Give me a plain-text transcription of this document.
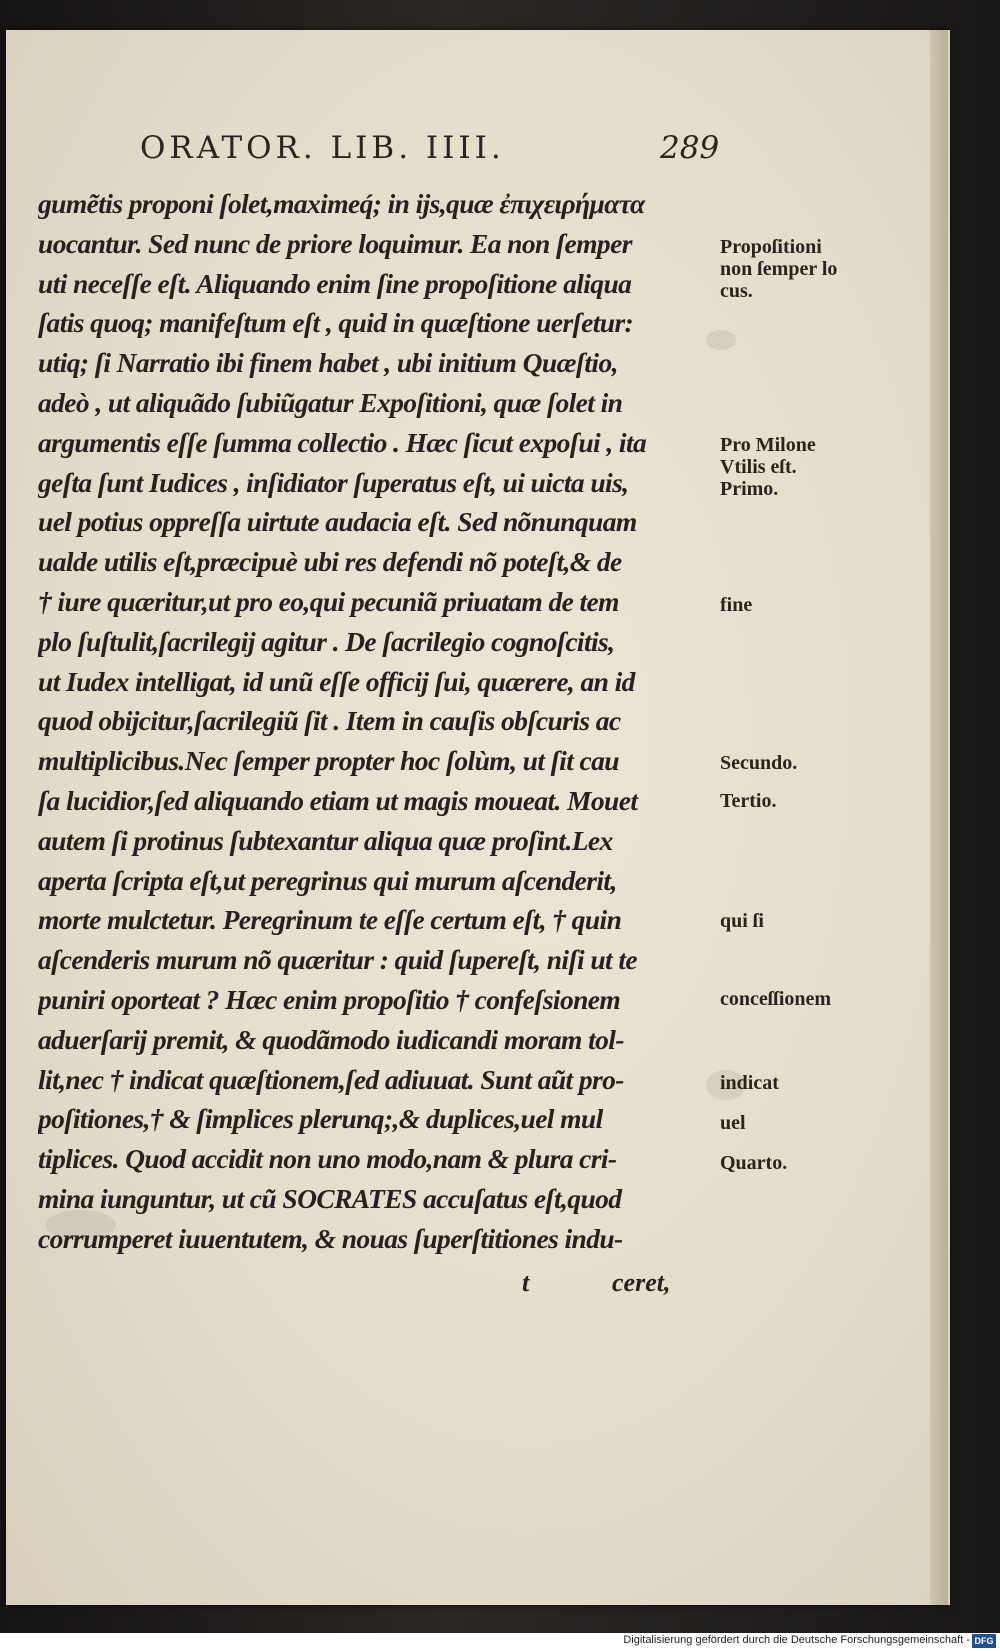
ORATOR. LIB. IIII.	289
gumẽtis proponi ſolet,maximeq́; in ijs,quæ ἐπιχειρήματα
uocantur. Sed nunc de priore loquimur. Ea non ſemper
uti neceſſe eſt. Aliquando enim ſine propoſitione aliqua
ſatis quoq; manifeſtum eſt , quid in quæſtione uerſetur:
utiq; ſi Narratio ibi finem habet , ubi initium Quæſtio,
adeò , ut aliquãdo ſubiũgatur Expoſitioni, quæ ſolet in
argumentis eſſe ſumma collectio . Hæc ſicut expoſui , ita
geſta ſunt Iudices , inſidiator ſuperatus eſt, ui uicta uis,
uel potius oppreſſa uirtute audacia eſt. Sed nõnunquam
ualde utilis eſt,præcipuè ubi res defendi nõ poteſt,& de
† iure quæritur,ut pro eo,qui pecuniã priuatam de tem
plo ſuſtulit,ſacrilegij agitur . De ſacrilegio cognoſcitis,
ut Iudex intelligat, id unũ eſſe officij ſui, quærere, an id
quod obijcitur,ſacrilegiũ ſit . Item in cauſis obſcuris ac
multiplicibus.Nec ſemper propter hoc ſolùm, ut ſit cau
ſa lucidior,ſed aliquando etiam ut magis moueat. Mouet
autem ſi protinus ſubtexantur aliqua quæ proſint.Lex
aperta ſcripta eſt,ut peregrinus qui murum aſcenderit,
morte mulctetur. Peregrinum te eſſe certum eſt, † quin
aſcenderis murum nõ quæritur : quid ſupereſt, niſi ut te
puniri oporteat ? Hæc enim propoſitio † confeſsionem
aduerſarij premit, & quodãmodo iudicandi moram tol-
lit,nec † indicat quæſtionem,ſed adiuuat. Sunt aũt pro-
poſitiones,† & ſimplices plerunq;,& duplices,uel mul
tiplices. Quod accidit non uno modo,nam & plura cri-
mina iunguntur, ut cũ SOCRATES accuſatus eſt,quod
corrumperet iuuentutem, & nouas ſuperſtitiones indu-
t	ceret,
Propoſitioni
non ſemper lo
cus.
Pro Milone
Vtilis eſt.
Primo.
fine
Secundo.
Tertio.
qui ſi
conceſſionem
indicat
uel
Quarto.
Digitalisierung gefördert durch die Deutsche Forschungsgemeinschaft - DFG
